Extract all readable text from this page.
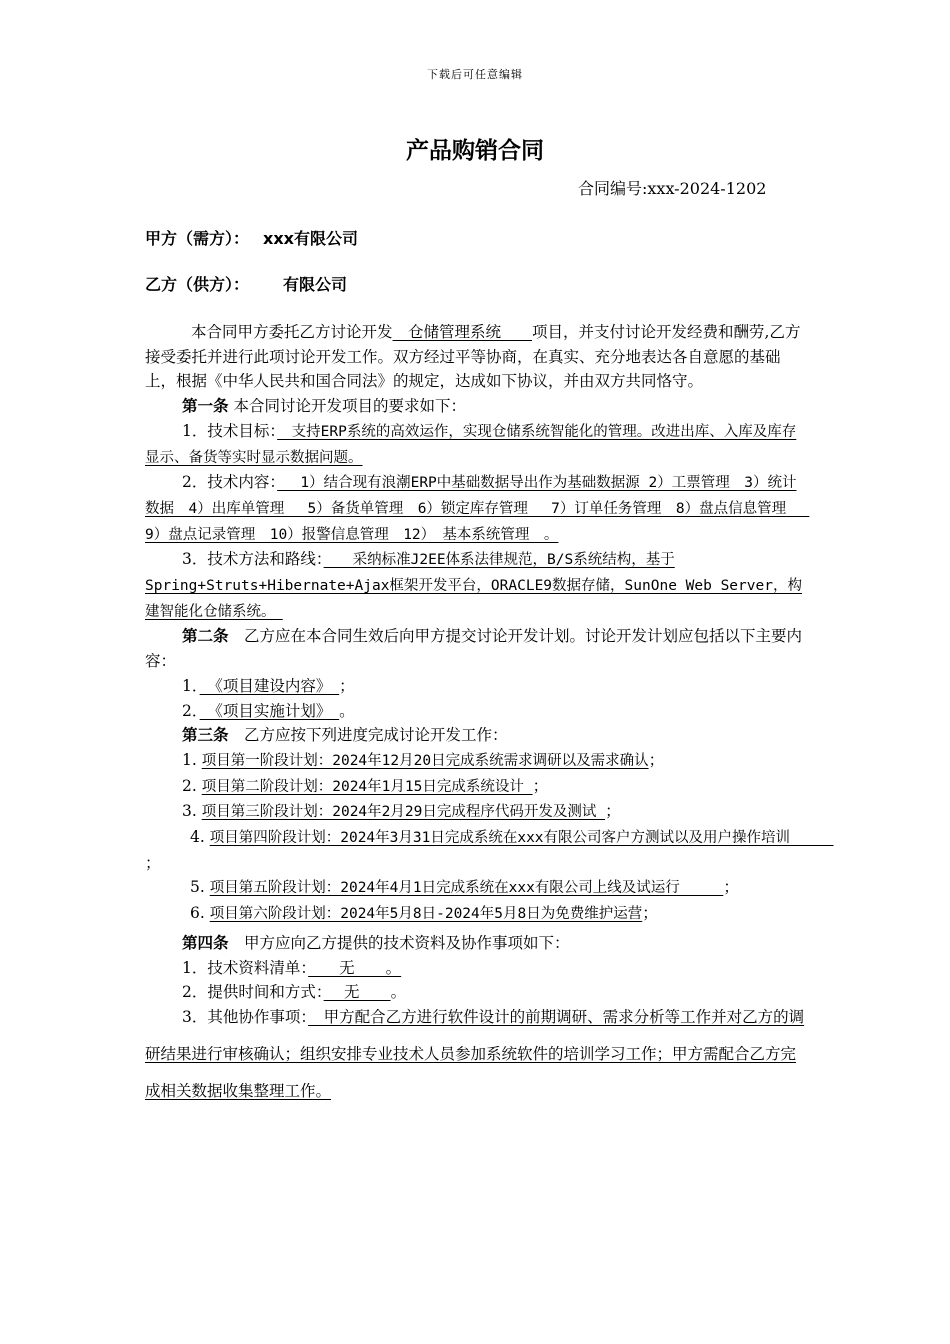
下载后可任意编辑
产品购销合同
合同编号:xxx-2024-1202
甲方（需方）： xxx有限公司
乙方（供方）： 有限公司

本合同甲方委托乙方讨论开发　仓储管理系统　　项目，并支付讨论开发经费和酬劳,乙方接受委托并进行此项讨论开发工作。双方经过平等协商，在真实、充分地表达各自意愿的基础上，根据《中华人民共和国合同法》的规定，达成如下协议，并由双方共同恪守。

第一条 本合同讨论开发项目的要求如下：

1．技术目标：　支持ERP系统的高效运作，实现仓储系统智能化的管理。改进出库、入库及库存显示、备货等实时显示数据问题。

2．技术内容：　 1）结合现有浪潮ERP中基础数据导出作为基础数据源 2）工票管理　3）统计数据　4）出库单管理　 5）备货单管理　6）锁定库存管理　 7）订单任务管理　8）盘点信息管理　 9）盘点记录管理　10）报警信息管理　12）　基本系统管理　。

3．技术方法和路线：　　采纳标准J2EE体系法律规范，B/S系统结构，基于Spring+Struts+Hibernate+Ajax框架开发平台，ORACLE9数据存储，SunOne Web Server，构建智能化仓储系统。　

第二条　乙方应在本合同生效后向甲方提交讨论开发计划。讨论开发计划应包括以下主要内容：

1．　《项目建设内容》　；

2．　《项目实施计划》　。

第三条　乙方应按下列进度完成讨论开发工作：

1. 项目第一阶段计划：2024年12月20日完成系统需求调研以及需求确认；

2. 项目第二阶段计划：2024年1月15日完成系统设计 ；

3. 项目第三阶段计划：2024年2月29日完成程序代码开发及测试 ；

4. 项目第四阶段计划：2024年3月31日完成系统在xxx有限公司客户方测试以及用户操作培训　　　；

5. 项目第五阶段计划：2024年4月1日完成系统在xxx有限公司上线及试运行　　　；

6. 项目第六阶段计划：2024年5月8日-2024年5月8日为免费维护运营；

第四条　甲方应向乙方提供的技术资料及协作事项如下：

1．技术资料清单：　　无　　。

2．提供时间和方式：　 无　　。

3．其他协作事项：　甲方配合乙方进行软件设计的前期调研、需求分析等工作并对乙方的调研结果进行审核确认；组织安排专业技术人员参加系统软件的培训学习工作；甲方需配合乙方完成相关数据收集整理工作。
